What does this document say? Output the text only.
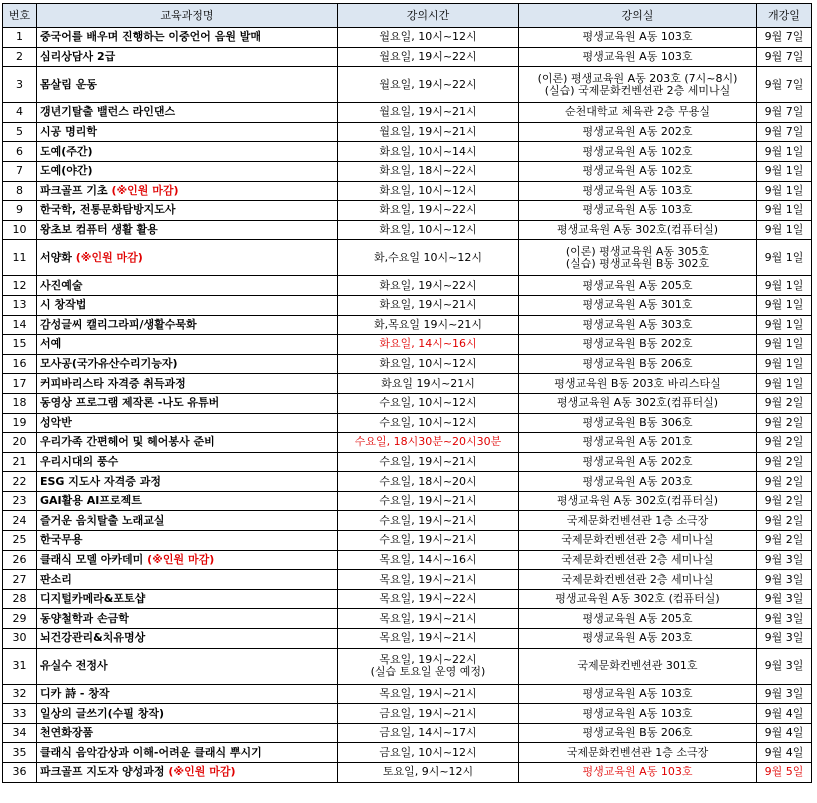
번호	교육과정명	강의시간	강의실	개강일
1	중국어를 배우며 진행하는 이중언어 음원 발매	월요일, 10시~12시	평생교육원 A동 103호	9월 7일
2	심리상담사 2급	월요일, 19시~22시	평생교육원 A동 103호	9월 7일
3	몸살림 운동	월요일, 19시~22시	(이론) 평생교육원 A동 203호 (7시~8시)
(실습) 국제문화컨벤션관 2층 세미나실	9월 7일
4	갱년기탈출 밸런스 라인댄스	월요일, 19시~21시	순천대학교 체육관 2층 무용실	9월 7일
5	시공 명리학	월요일, 19시~21시	평생교육원 A동 202호	9월 7일
6	도예(주간)	화요일, 10시~14시	평생교육원 A동 102호	9월 1일
7	도예(야간)	화요일, 18시~22시	평생교육원 A동 102호	9월 1일
8	파크골프 기초 (※인원 마감)	화요일, 10시~12시	평생교육원 A동 103호	9월 1일
9	한국학, 전통문화탐방지도사	화요일, 19시~22시	평생교육원 A동 103호	9월 1일
10	왕초보 컴퓨터 생활 활용	화요일, 10시~12시	평생교육원 A동 302호(컴퓨터실)	9월 1일
11	서양화 (※인원 마감)	화,수요일 10시~12시	(이론) 평생교육원 A동 305호
(실습) 평생교육원 B동 302호	9월 1일
12	사진예술	화요일, 19시~22시	평생교육원 A동 205호	9월 1일
13	시 창작법	화요일, 19시~21시	평생교육원 A동 301호	9월 1일
14	감성글씨 캘리그라피/생활수묵화	화,목요일 19시~21시	평생교육원 A동 303호	9월 1일
15	서예	화요일, 14시~16시	평생교육원 B동 202호	9월 1일
16	모사공(국가유산수리기능자)	화요일, 10시~12시	평생교육원 B동 206호	9월 1일
17	커피바리스타 자격증 취득과정	화요일 19시~21시	평생교육원 B동 203호 바리스타실	9월 1일
18	동영상 프로그램 제작론 -나도 유튜버	수요일, 10시~12시	평생교육원 A동 302호(컴퓨터실)	9월 2일
19	성악반	수요일, 10시~12시	평생교육원 B동 306호	9월 2일
20	우리가족 간편헤어 및 헤어봉사 준비	수요일, 18시30분~20시30분	평생교육원 A동 201호	9월 2일
21	우리시대의 풍수	수요일, 19시~21시	평생교육원 A동 202호	9월 2일
22	ESG 지도사 자격증 과정	수요일, 18시~20시	평생교육원 A동 203호	9월 2일
23	GAI활용 AI프로젝트	수요일, 19시~21시	평생교육원 A동 302호(컴퓨터실)	9월 2일
24	즐거운 음치탈출 노래교실	수요일, 19시~21시	국제문화컨벤션관 1층 소극장	9월 2일
25	한국무용	수요일, 19시~21시	국제문화컨벤션관 2층 세미나실	9월 2일
26	클래식 모델 아카데미 (※인원 마감)	목요일, 14시~16시	국제문화컨벤션관 2층 세미나실	9월 3일
27	판소리	목요일, 19시~21시	국제문화컨벤션관 2층 세미나실	9월 3일
28	디지털카메라&포토샵	목요일, 19시~22시	평생교육원 A동 302호 (컴퓨터실)	9월 3일
29	동양철학과 손금학	목요일, 19시~21시	평생교육원 A동 205호	9월 3일
30	뇌건강관리&치유명상	목요일, 19시~21시	평생교육원 A동 203호	9월 3일
31	유실수 전정사	목요일, 19시~22시
(실습 토요일 운영 예정)	국제문화컨벤션관 301호	9월 3일
32	디카 詩 - 창작	목요일, 19시~21시	평생교육원 A동 103호	9월 3일
33	일상의 글쓰기(수필 창작)	금요일, 19시~21시	평생교육원 A동 103호	9월 4일
34	천연화장품	금요일, 14시~17시	평생교육원 B동 206호	9월 4일
35	클래식 음악감상과 이해-어려운 클래식 뿌시기	금요일, 10시~12시	국제문화컨벤션관 1층 소극장	9월 4일
36	파크골프 지도자 양성과정 (※인원 마감)	토요일, 9시~12시	평생교육원 A동 103호	9월 5일
